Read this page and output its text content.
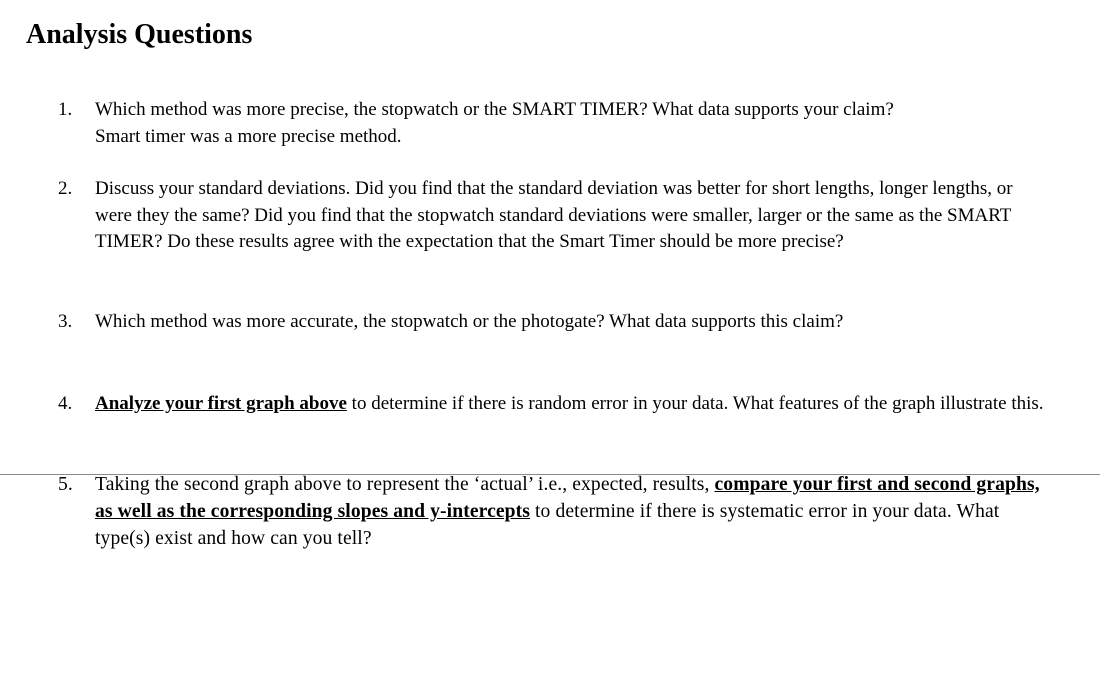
Analysis Questions
1. Which method was more precise, the stopwatch or the SMART TIMER? What data supports your claim?
Smart timer was a more precise method.
2. Discuss your standard deviations. Did you find that the standard deviation was better for short lengths, longer lengths, or were they the same? Did you find that the stopwatch standard deviations were smaller, larger or the same as the SMART TIMER? Do these results agree with the expectation that the Smart Timer should be more precise?
3. Which method was more accurate, the stopwatch or the photogate? What data supports this claim?
4. Analyze your first graph above to determine if there is random error in your data. What features of the graph illustrate this.
5. Taking the second graph above to represent the ‘actual’ i.e., expected, results, compare your first and second graphs, as well as the corresponding slopes and y-intercepts to determine if there is systematic error in your data. What type(s) exist and how can you tell?
